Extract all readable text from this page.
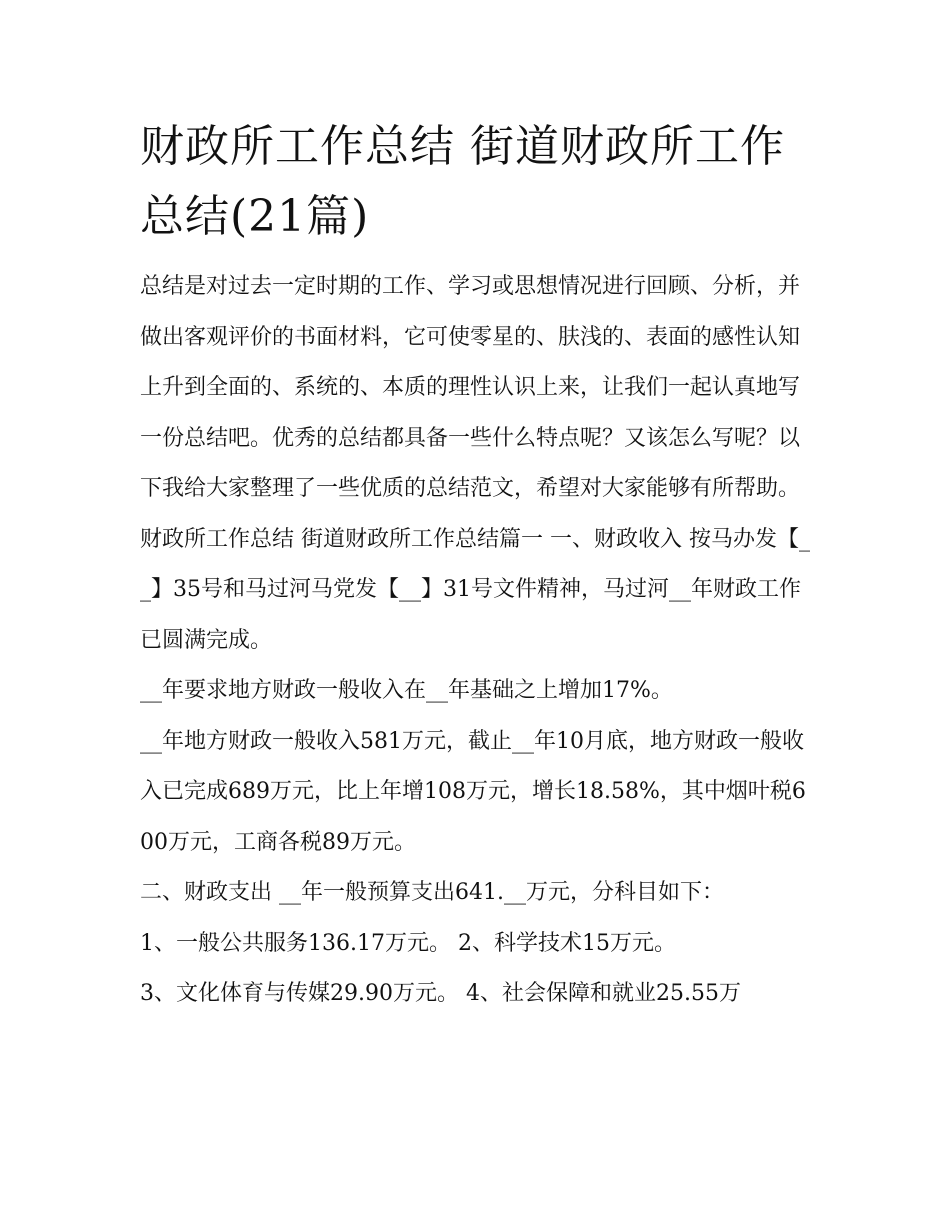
财政所工作总结 街道财政所工作总结(21篇)

总结是对过去一定时期的工作、学习或思想情况进行回顾、分析，并做出客观评价的书面材料，它可使零星的、肤浅的、表面的感性认知上升到全面的、系统的、本质的理性认识上来，让我们一起认真地写一份总结吧。优秀的总结都具备一些什么特点呢？又该怎么写呢？以下我给大家整理了一些优质的总结范文，希望对大家能够有所帮助。

财政所工作总结 街道财政所工作总结篇一 一、财政收入 按马办发【__】35号和马过河马党发【__】31号文件精神，马过河__年财政工作已圆满完成。

__年要求地方财政一般收入在__年基础之上增加17%。

__年地方财政一般收入581万元，截止__年10月底，地方财政一般收入已完成689万元，比上年增108万元，增长18.58%，其中烟叶税600万元，工商各税89万元。

二、财政支出 __年一般预算支出641.__万元，分科目如下：

1、一般公共服务136.17万元。 2、科学技术15万元。

3、文化体育与传媒29.90万元。 4、社会保障和就业25.55万
